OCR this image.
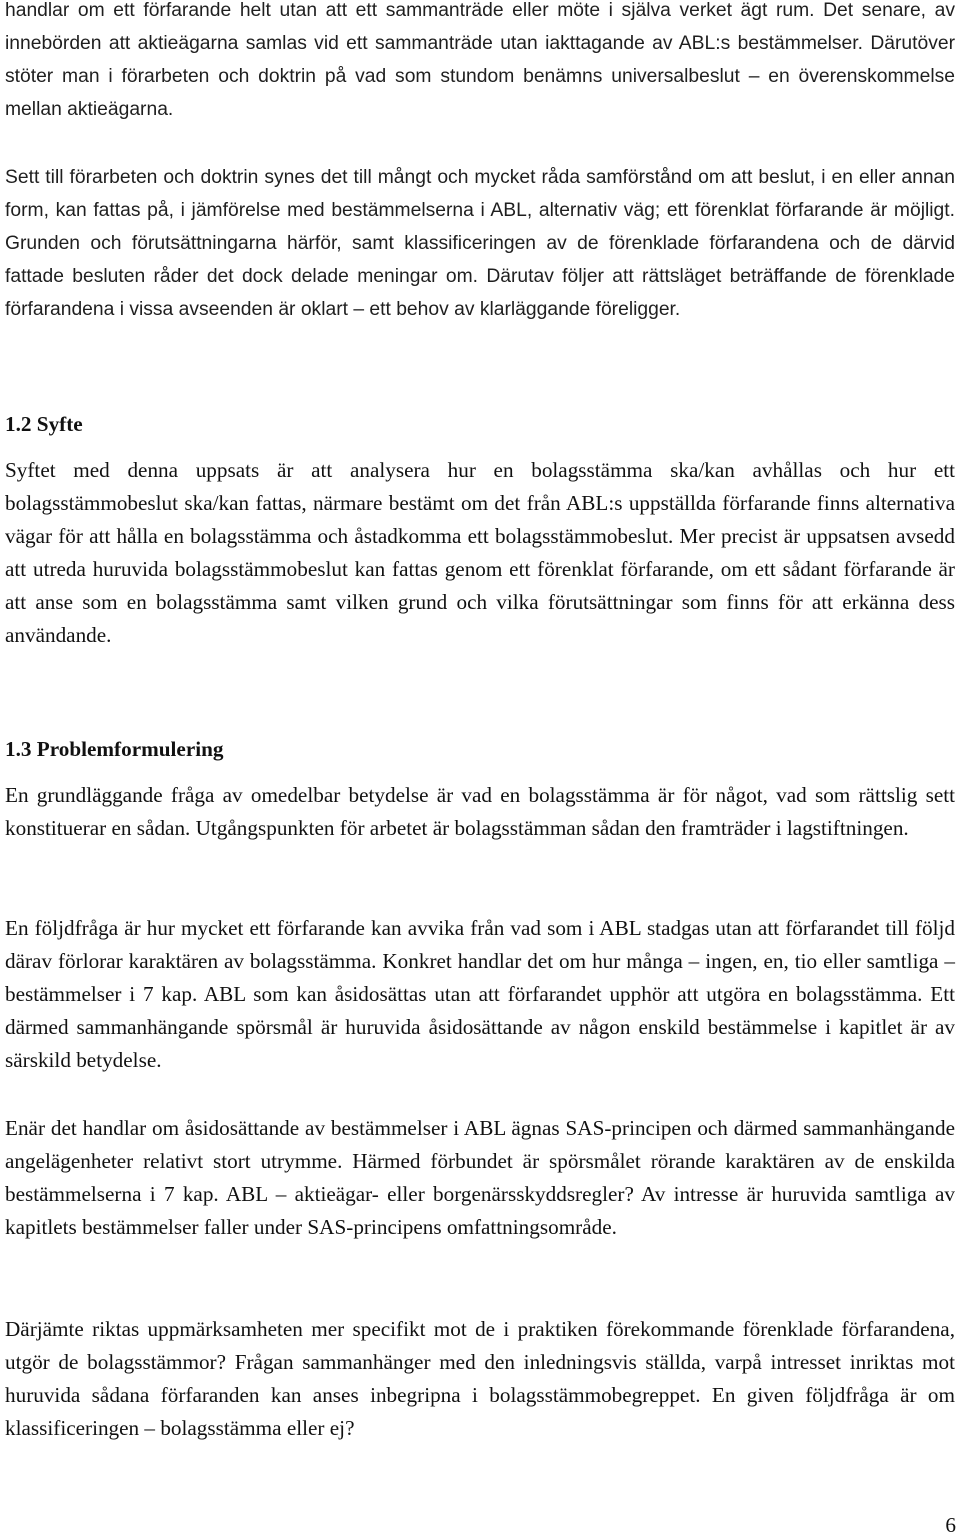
handlar om ett förfarande helt utan att ett sammanträde eller möte i själva verket ägt rum. Det senare, av innebörden att aktieägarna samlas vid ett sammanträde utan iakttagande av ABL:s bestämmelser. Därutöver stöter man i förarbeten och doktrin på vad som stundom benämns universalbeslut – en överenskommelse mellan aktieägarna.

Sett till förarbeten och doktrin synes det till mångt och mycket råda samförstånd om att beslut, i en eller annan form, kan fattas på, i jämförelse med bestämmelserna i ABL, alternativ väg; ett förenklat förfarande är möjligt. Grunden och förutsättningarna härför, samt klassificeringen av de förenklade förfarandena och de därvid fattade besluten råder det dock delade meningar om. Därutav följer att rättsläget beträffande de förenklade förfarandena i vissa avseenden är oklart – ett behov av klarläggande föreligger.

1.2 Syfte

Syftet med denna uppsats är att analysera hur en bolagsstämma ska/kan avhållas och hur ett bolagsstämmobeslut ska/kan fattas, närmare bestämt om det från ABL:s uppställda förfarande finns alternativa vägar för att hålla en bolagsstämma och åstadkomma ett bolagsstämmobeslut. Mer precist är uppsatsen avsedd att utreda huruvida bolagsstämmobeslut kan fattas genom ett förenklat förfarande, om ett sådant förfarande är att anse som en bolagsstämma samt vilken grund och vilka förutsättningar som finns för att erkänna dess användande.

1.3 Problemformulering

En grundläggande fråga av omedelbar betydelse är vad en bolagsstämma är för något, vad som rättslig sett konstituerar en sådan. Utgångspunkten för arbetet är bolagsstämman sådan den framträder i lagstiftningen.

En följdfråga är hur mycket ett förfarande kan avvika från vad som i ABL stadgas utan att förfarandet till följd därav förlorar karaktären av bolagsstämma. Konkret handlar det om hur många – ingen, en, tio eller samtliga – bestämmelser i 7 kap. ABL som kan åsidosättas utan att förfarandet upphör att utgöra en bolagsstämma. Ett därmed sammanhängande spörsmål är huruvida åsidosättande av någon enskild bestämmelse i kapitlet är av särskild betydelse.

Enär det handlar om åsidosättande av bestämmelser i ABL ägnas SAS-principen och därmed sammanhängande angelägenheter relativt stort utrymme. Härmed förbundet är spörsmålet rörande karaktären av de enskilda bestämmelserna i 7 kap. ABL – aktieägar- eller borgenärsskyddsregler? Av intresse är huruvida samtliga av kapitlets bestämmelser faller under SAS-principens omfattningsområde.

Därjämte riktas uppmärksamheten mer specifikt mot de i praktiken förekommande förenklade förfarandena, utgör de bolagsstämmor? Frågan sammanhänger med den inledningsvis ställda, varpå intresset inriktas mot huruvida sådana förfaranden kan anses inbegripna i bolagsstämmobegreppet. En given följdfråga är om klassificeringen – bolagsstämma eller ej?

6
